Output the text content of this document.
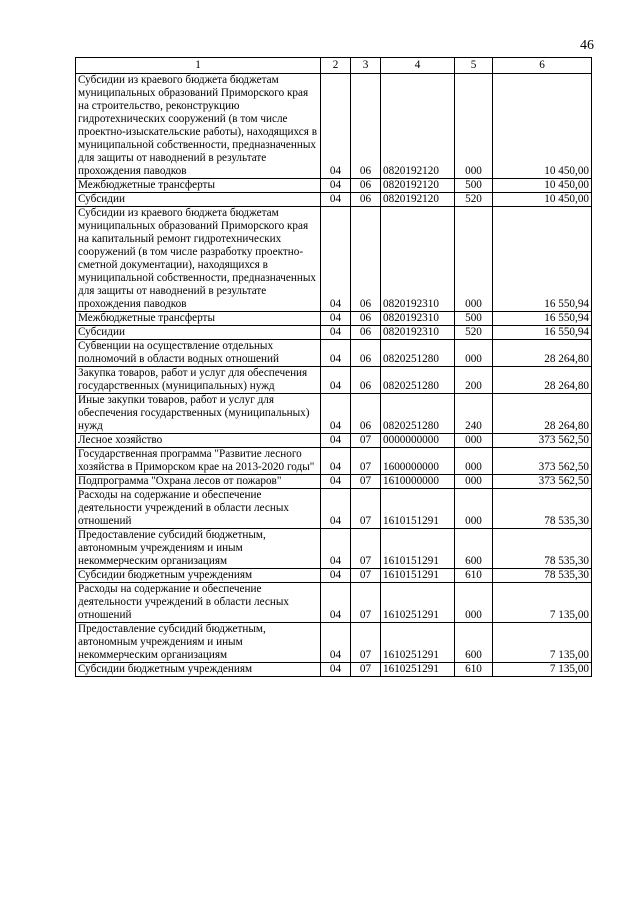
46
1	2	3	4	5	6
Субсидии из краевого бюджета бюджетам муниципальных образований Приморского края на строительство, реконструкцию гидротехнических сооружений (в том числе проектно-изыскательские работы), находящихся в муниципальной собственности, предназначенных для защиты от наводнений в результате прохождения паводков	04	06	0820192120	000	10 450,00
Межбюджетные трансферты	04	06	0820192120	500	10 450,00
Субсидии	04	06	0820192120	520	10 450,00
Субсидии из краевого бюджета бюджетам муниципальных образований Приморского края на капитальный ремонт гидротехнических сооружений (в том числе разработку проектно-сметной документации), находящихся в муниципальной собственности, предназначенных для защиты от наводнений в результате прохождения паводков	04	06	0820192310	000	16 550,94
Межбюджетные трансферты	04	06	0820192310	500	16 550,94
Субсидии	04	06	0820192310	520	16 550,94
Субвенции на осуществление отдельных полномочий в области водных отношений	04	06	0820251280	000	28 264,80
Закупка товаров, работ и услуг для обеспечения государственных (муниципальных) нужд	04	06	0820251280	200	28 264,80
Иные закупки товаров, работ и услуг для обеспечения государственных (муниципальных) нужд	04	06	0820251280	240	28 264,80
Лесное хозяйство	04	07	0000000000	000	373 562,50
Государственная программа "Развитие лесного хозяйства в Приморском крае на 2013-2020 годы"	04	07	1600000000	000	373 562,50
Подпрограмма "Охрана лесов от пожаров"	04	07	1610000000	000	373 562,50
Расходы на содержание и обеспечение деятельности учреждений в области лесных отношений	04	07	1610151291	000	78 535,30
Предоставление субсидий бюджетным, автономным учреждениям и иным некоммерческим организациям	04	07	1610151291	600	78 535,30
Субсидии бюджетным учреждениям	04	07	1610151291	610	78 535,30
Расходы на содержание и обеспечение деятельности учреждений в области лесных отношений	04	07	1610251291	000	7 135,00
Предоставление субсидий бюджетным, автономным учреждениям и иным некоммерческим организациям	04	07	1610251291	600	7 135,00
Субсидии бюджетным учреждениям	04	07	1610251291	610	7 135,00
